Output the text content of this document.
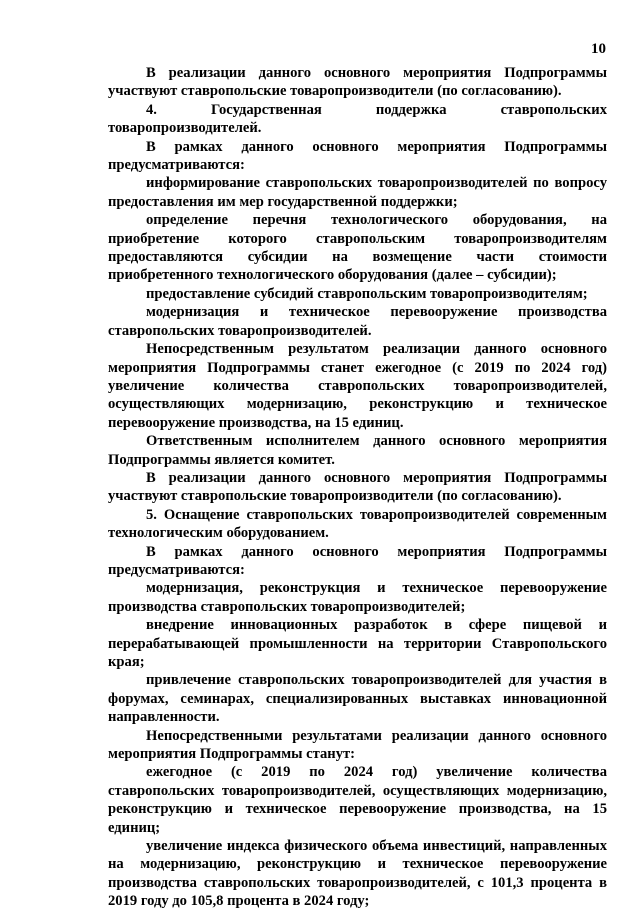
10

В реализации данного основного мероприятия Подпрограммы участвуют ставропольские товаропроизводители (по согласованию).

4. Государственная поддержка ставропольских товаропроизводителей.

В рамках данного основного мероприятия Подпрограммы предусматриваются:

информирование ставропольских товаропроизводителей по вопросу предоставления им мер государственной поддержки;

определение перечня технологического оборудования, на приобретение которого ставропольским товаропроизводителям предоставляются субсидии на возмещение части стоимости приобретенного технологического оборудования (далее – субсидии);

предоставление субсидий ставропольским товаропроизводителям;

модернизация и техническое перевооружение производства ставропольских товаропроизводителей.

Непосредственным результатом реализации данного основного мероприятия Подпрограммы станет ежегодное (с 2019 по 2024 год) увеличение количества ставропольских товаропроизводителей, осуществляющих модернизацию, реконструкцию и техническое перевооружение производства, на 15 единиц.

Ответственным исполнителем данного основного мероприятия Подпрограммы является комитет.

В реализации данного основного мероприятия Подпрограммы участвуют ставропольские товаропроизводители (по согласованию).

5. Оснащение ставропольских товаропроизводителей современным технологическим оборудованием.

В рамках данного основного мероприятия Подпрограммы предусматриваются:

модернизация, реконструкция и техническое перевооружение производства ставропольских товаропроизводителей;

внедрение инновационных разработок в сфере пищевой и перерабатывающей промышленности на территории Ставропольского края;

привлечение ставропольских товаропроизводителей для участия в форумах, семинарах, специализированных выставках инновационной направленности.

Непосредственными результатами реализации данного основного мероприятия Подпрограммы станут:

ежегодное (с 2019 по 2024 год) увеличение количества ставропольских товаропроизводителей, осуществляющих модернизацию, реконструкцию и техническое перевооружение производства, на 15 единиц;

увеличение индекса физического объема инвестиций, направленных на модернизацию, реконструкцию и техническое перевооружение производства ставропольских товаропроизводителей, с 101,3 процента в 2019 году до 105,8 процента в 2024 году;
